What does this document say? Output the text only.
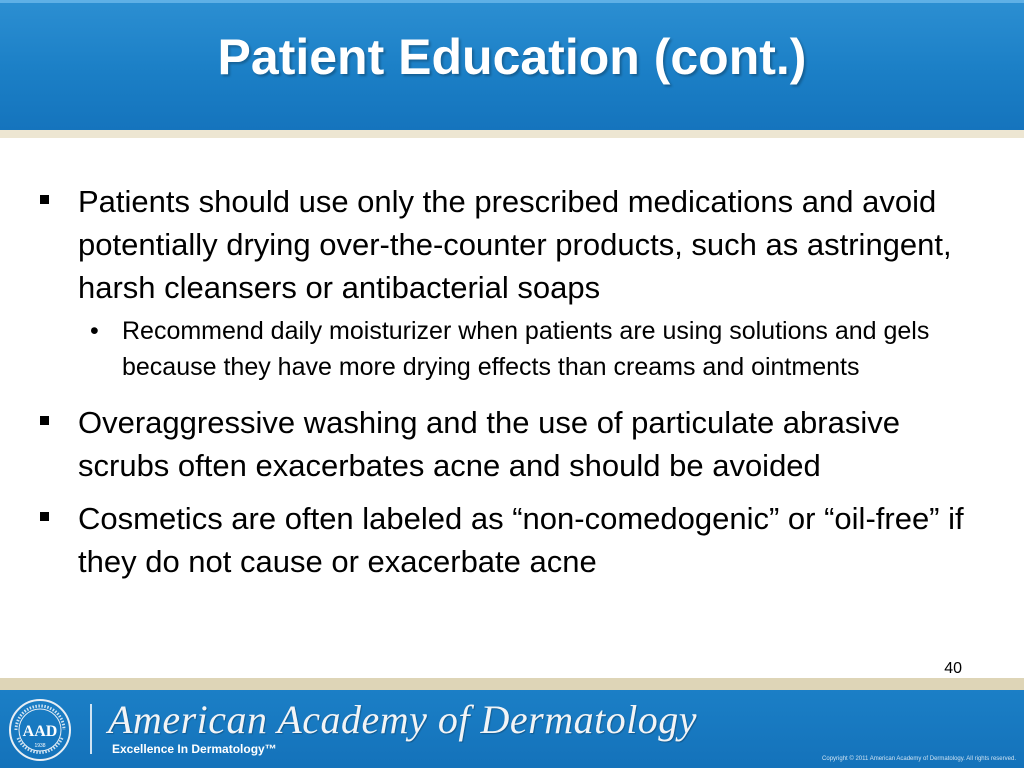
Patient Education (cont.)
Patients should use only the prescribed medications and avoid potentially drying over-the-counter products, such as astringent, harsh cleansers or antibacterial soaps
• Recommend daily moisturizer when patients are using solutions and gels because they have more drying effects than creams and ointments
Overaggressive washing and the use of particulate abrasive scrubs often exacerbates acne and should be avoided
Cosmetics are often labeled as “non-comedogenic” or “oil-free” if they do not cause or exacerbate acne
40
AAD
1938
American Academy of Dermatology
Excellence In Dermatology™
Copyright © 2011 American Academy of Dermatology. All rights reserved.
